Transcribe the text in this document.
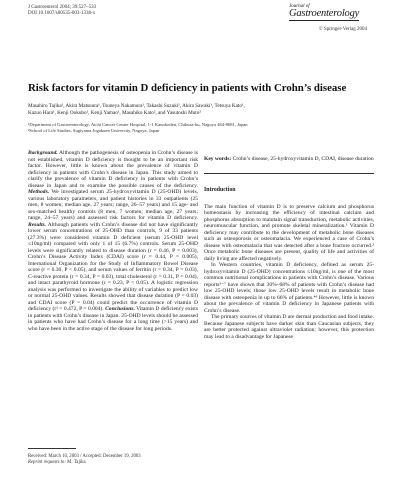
J Gastroenterol 2004; 39:527–533
DOI 10.1007/s00535-003-1338-x
Journal of
Gastroenterology
© Springer-Verlag 2004
Risk factors for vitamin D deficiency in patients with Crohn’s disease
Masahiro Tajika¹, Akira Matsuura¹, Tsuneya Nakamura¹, Takashi Suzuki¹, Akira Sawaki¹, Tetsuya Kato¹,
Kazuo Hara¹, Kenji Ookubo¹, Kenji Yamao¹, Masahiko Kato², and Yasutoshi Muto²
¹Department of Gastroenterology, Aichi Cancer Center Hospital, 1-1 Kanokoden, Chikusa-ku, Nagoya 464-8681, Japan
²School of Life Studies, Sugiyama Jogakuen University, Nagoya, Japan

Background. Although the pathogenesis of osteopenia in Crohn’s disease is not established, vitamin D deficiency is thought to be an important risk factor. However, little is known about the prevalence of vitamin D deficiency in patients with Crohn’s disease in Japan. This study aimed to clarify the prevalence of vitamin D deficiency in patients with Crohn’s disease in Japan and to examine the possible causes of the deficiency. Methods. We investigated serum 25-hydroxyvitamin D (25-OHD) levels, various laboratory parameters, and patient histories in 33 outpatients (25 men, 8 women; median age, 27 years; range, 26–57 years) and 15 age- and sex-matched healthy controls (8 men, 7 women; median age, 27 years; range, 24–57 years) and assessed risk factors for vitamin D deficiency. Results. Although patients with Crohn’s disease did not have significantly lower serum concentrations of 25-OHD than controls, 9 of 33 patients (27.3%) were considered vitamin D deficient (serum 25-OHD level ≤10ng/ml) compared with only 1 of 15 (6.7%) controls. Serum 25-OHD levels were significantly related to disease duration (r = 0.46, P = 0.003), Crohn’s Disease Activity Index (CDAI) score (r = 0.44, P = 0.005), International Organization for the Study of Inflammatory Bowel Disease score (r = 0.30, P < 0.05), and serum values of ferritin (r = 0.34, P = 0.03), C-reactive protein (r = 0.34, P = 0.03), total cholesterol (r = 0.31, P = 0.04), and intact parathyroid hormone (r = 0.23, P < 0.05). A logistic regression analysis was performed to investigate the ability of variables to predict low or normal 25-OHD values. Results showed that disease duration (P = 0.03) and CDAI score (P = 0.04) could predict the occurrence of vitamin D deficiency (r² = 0.472, P = 0.004). Conclusions. Vitamin D deficiency exists in patients with Crohn’s disease in Japan. 25-OHD levels should be assessed in patients who have had Crohn’s disease for a long time (>15 years) and who have been in the active stage of the disease for long periods.

Key words: Crohn’s disease, 25-hydroxyvitamin D, CDAI, disease duration

Introduction

The main function of vitamin D is to preserve calcium and phosphorus homeostasis by increasing the efficiency of intestinal calcium and phosphorus absorption to maintain signal transduction, metabolic activities, neuromuscular function, and promote skeletal mineralization.¹ Vitamin D deficiency may contribute to the development of metabolic bone diseases such as osteoporosis or osteomalacia. We experienced a case of Crohn’s disease with osteomalacia that was detected after a bone fracture occurred.² Once metabolic bone diseases are present, quality of life and activities of daily living are affected negatively.

In Western countries, vitamin D deficiency, defined as serum 25-hydroxyvitamin D (25-OHD) concentrations ≤10ng/ml, is one of the most common nutritional complications in patients with Crohn’s disease. Various reports³⁻⁷ have shown that 30%–68% of patients with Crohn’s disease had low 25-OHD levels; those low 25-OHD levels result in metabolic bone disease with osteopenia in up to 66% of patients.⁴⁶ However, little is known about the prevalence of vitamin D deficiency in Japanese patients with Crohn’s disease.

The primary sources of vitamin D are dermal production and food intake. Because Japanese subjects have darker skin than Caucasian subjects, they are better protected against ultraviolet radiation; however, this protection may lead to a disadvantage for Japanese

Received: March 10, 2003 / Accepted: December 19, 2003
Reprint requests to: M. Tajika
